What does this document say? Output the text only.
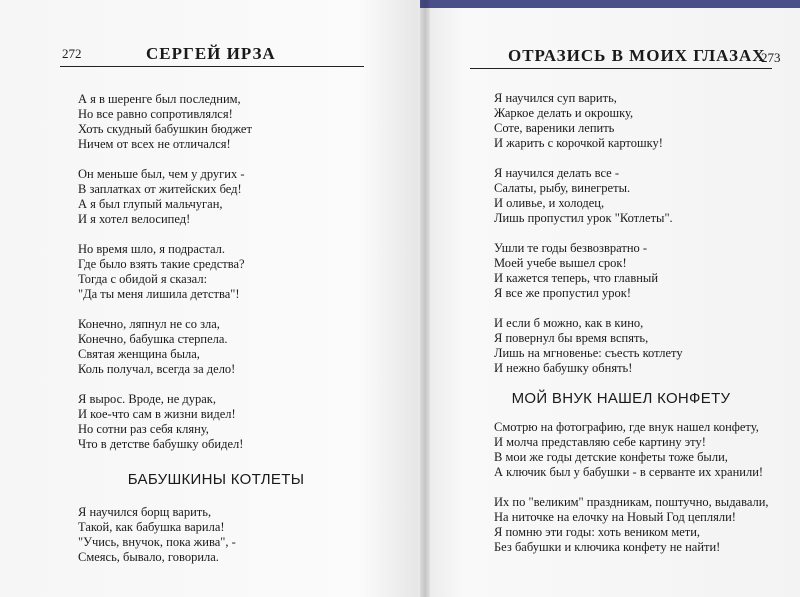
272	СЕРГЕЙ ИРЗА
А я в шеренге был последним,
Но все равно сопротивлялся!
Хоть скудный бабушкин бюджет
Ничем от всех не отличался!
Он меньше был, чем у других -
В заплатках от житейских бед!
А я был глупый мальчуган,
И я хотел велосипед!
Но время шло, я подрастал.
Где было взять такие средства?
Тогда с обидой я сказал:
"Да ты меня лишила детства"!
Конечно, ляпнул не со зла,
Конечно, бабушка стерпела.
Святая женщина была,
Коль получал, всегда за дело!
Я вырос. Вроде, не дурак,
И кое-что сам в жизни видел!
Но сотни раз себя кляну,
Что в детстве бабушку обидел!
БАБУШКИНЫ КОТЛЕТЫ
Я научился борщ варить,
Такой, как бабушка варила!
"Учись, внучок, пока жива", -
Смеясь, бывало, говорила.
ОТРАЗИСЬ В МОИХ ГЛАЗАХ
273
Я научился суп варить,
Жаркое делать и окрошку,
Соте, вареники лепить
И жарить с корочкой картошку!
Я научился делать все -
Салаты, рыбу, винегреты.
И оливье, и холодец,
Лишь пропустил урок "Котлеты".
Ушли те годы безвозвратно -
Моей учебе вышел срок!
И кажется теперь, что главный
Я все же пропустил урок!
И если б можно, как в кино,
Я повернул бы время вспять,
Лишь на мгновенье: съесть котлету
И нежно бабушку обнять!
МОЙ ВНУК НАШЕЛ КОНФЕТУ
Смотрю на фотографию, где внук нашел конфету,
И молча представляю себе картину эту!
В мои же годы детские конфеты тоже были,
А ключик был у бабушки - в серванте их хранили!
Их по "великим" праздникам, поштучно, выдавали,
На ниточке на елочку на Новый Год цепляли!
Я помню эти годы: хоть веником мети,
Без бабушки и ключика конфету не найти!
